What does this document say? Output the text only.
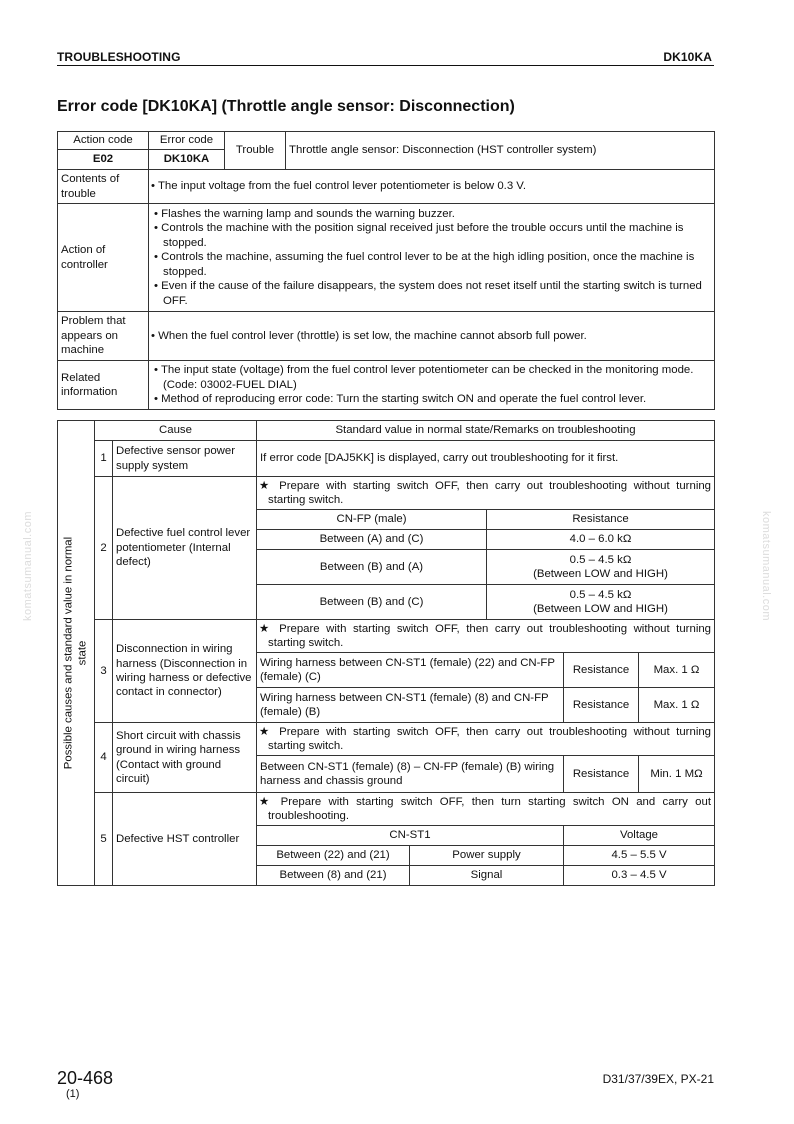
TROUBLESHOOTING	DK10KA
Error code [DK10KA] (Throttle angle sensor: Disconnection)
Action code	Error code	Trouble	Throttle angle sensor: Disconnection (HST controller system)
E02	DK10KA		
Contents of trouble	• The input voltage from the fuel control lever potentiometer is below 0.3 V.		
Action of controller	• Flashes the warning lamp and sounds the warning buzzer.
• Controls the machine with the position signal received just before the trouble occurs until the machine is stopped.
• Controls the machine, assuming the fuel control lever to be at the high idling position, once the machine is stopped.
• Even if the cause of the failure disappears, the system does not reset itself until the starting switch is turned OFF.		

Problem that appears on machine	• When the fuel control lever (throttle) is set low, the machine cannot absorb full power.		
Related information	• The input state (voltage) from the fuel control lever potentiometer can be checked in the monitoring mode. (Code: 03002-FUEL DIAL)
• Method of reproducing error code: Turn the starting switch ON and operate the fuel control lever.		
Possible causes and standard value in normal state	Cause		Standard value in normal state/Remarks on troubleshooting				
	1	Defective sensor power supply system	If error code [DAJ5KK] is displayed, carry out troubleshooting for it first.				
	2	Defective fuel control lever potentiometer (Internal defect)	★ Prepare with starting switch OFF, then carry out troubleshooting without turning starting switch.				
			CN-FP (male)		Resistance		
			Between (A) and (C)		4.0 – 6.0 kΩ		
			Between (B) and (A)		0.5 – 4.5 kΩ
(Between LOW and HIGH)		

			Between (B) and (C)		0.5 – 4.5 kΩ
(Between LOW and HIGH)		

	3	Disconnection in wiring harness (Disconnection in wiring harness or defective contact in connector)	★ Prepare with starting switch OFF, then carry out troubleshooting without turning starting switch.				
			Wiring harness between CN-ST1 (female) (22) and CN-FP (female) (C)			Resistance	Max. 1 Ω
			Wiring harness between CN-ST1 (female) (8) and CN-FP (female) (B)			Resistance	Max. 1 Ω
	4	Short circuit with chassis ground in wiring harness (Contact with ground circuit)	★ Prepare with starting switch OFF, then carry out troubleshooting without turning starting switch.				
			Between CN-ST1 (female) (8) – CN-FP (female) (B) wiring harness and chassis ground			Resistance	Min. 1 MΩ
	5	Defective HST controller	★ Prepare with starting switch OFF, then turn starting switch ON and carry out troubleshooting.				
			CN-ST1			Voltage	
			Between (22) and (21)	Power supply		4.5 – 5.5 V	
			Between (8) and (21)	Signal		0.3 – 4.5 V	
komatsumanual.com	komatsumanual.com
20-468
(1)
D31/37/39EX, PX-21
